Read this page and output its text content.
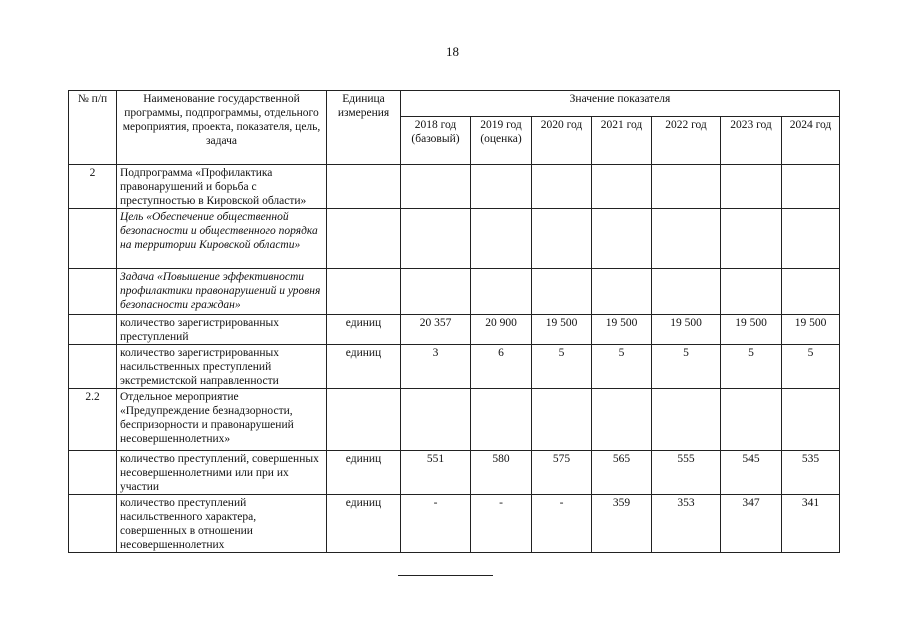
18
№ п/п	Наименование государственной программы, подпрограммы, отдельного мероприятия, проекта, показателя, цель, задача	Единица измерения	Значение показателя						
			2018 год (базовый)	2019 год (оценка)	2020 год	2021 год	2022 год	2023 год	2024 год
2	Подпрограмма «Профилактика правонарушений и борьба с преступностью в Кировской области»								
	Цель «Обеспечение общественной безопасности и общественного порядка на территории Кировской области»								
	Задача «Повышение эффективности профилактики правонарушений и уровня безопасности граждан»								
	количество зарегистрированных преступлений	единиц	20 357	20 900	19 500	19 500	19 500	19 500	19 500
	количество зарегистрированных насильственных преступлений экстремистской направленности	единиц	3	6	5	5	5	5	5
2.2	Отдельное мероприятие «Предупреждение безнадзорности, беспризорности и правонарушений несовершеннолетних»								
	количество преступлений, совершенных несовершеннолетними или при их участии	единиц	551	580	575	565	555	545	535
	количество преступлений насильственного характера, совершенных в отношении несовершеннолетних	единиц	-	-	-	359	353	347	341
